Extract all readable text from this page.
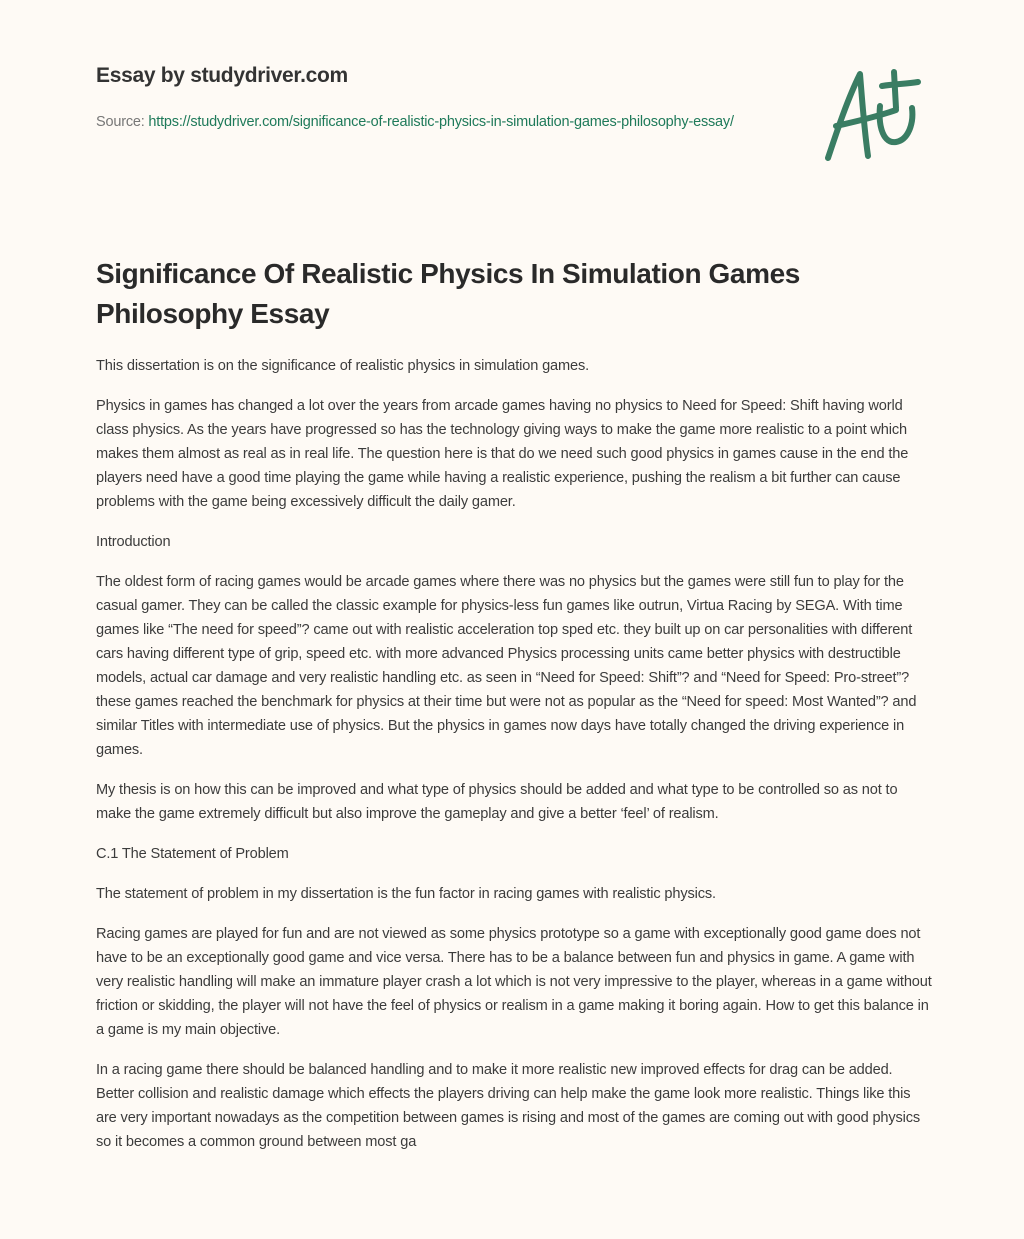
Essay by studydriver.com
Source: https://studydriver.com/significance-of-realistic-physics-in-simulation-games-philosophy-essay/
Significance Of Realistic Physics In Simulation Games Philosophy Essay

This dissertation is on the significance of realistic physics in simulation games.

Physics in games has changed a lot over the years from arcade games having no physics to Need for Speed: Shift having world class physics. As the years have progressed so has the technology giving ways to make the game more realistic to a point which makes them almost as real as in real life. The question here is that do we need such good physics in games cause in the end the players need have a good time playing the game while having a realistic experience, pushing the realism a bit further can cause problems with the game being excessively difficult the daily gamer.

Introduction

The oldest form of racing games would be arcade games where there was no physics but the games were still fun to play for the casual gamer. They can be called the classic example for physics-less fun games like outrun, Virtua Racing by SEGA. With time games like “The need for speed”? came out with realistic acceleration top sped etc. they built up on car personalities with different cars having different type of grip, speed etc. with more advanced Physics processing units came better physics with destructible models, actual car damage and very realistic handling etc. as seen in “Need for Speed: Shift”? and “Need for Speed: Pro-street”? these games reached the benchmark for physics at their time but were not as popular as the “Need for speed: Most Wanted”? and similar Titles with intermediate use of physics. But the physics in games now days have totally changed the driving experience in games.

My thesis is on how this can be improved and what type of physics should be added and what type to be controlled so as not to make the game extremely difficult but also improve the gameplay and give a better ‘feel’ of realism.

C.1 The Statement of Problem

The statement of problem in my dissertation is the fun factor in racing games with realistic physics.

Racing games are played for fun and are not viewed as some physics prototype so a game with exceptionally good game does not have to be an exceptionally good game and vice versa. There has to be a balance between fun and physics in game. A game with very realistic handling will make an immature player crash a lot which is not very impressive to the player, whereas in a game without friction or skidding, the player will not have the feel of physics or realism in a game making it boring again. How to get this balance in a game is my main objective.

In a racing game there should be balanced handling and to make it more realistic new improved effects for drag can be added. Better collision and realistic damage which effects the players driving can help make the game look more realistic. Things like this are very important nowadays as the competition between games is rising and most of the games are coming out with good physics so it becomes a common ground between most ga
